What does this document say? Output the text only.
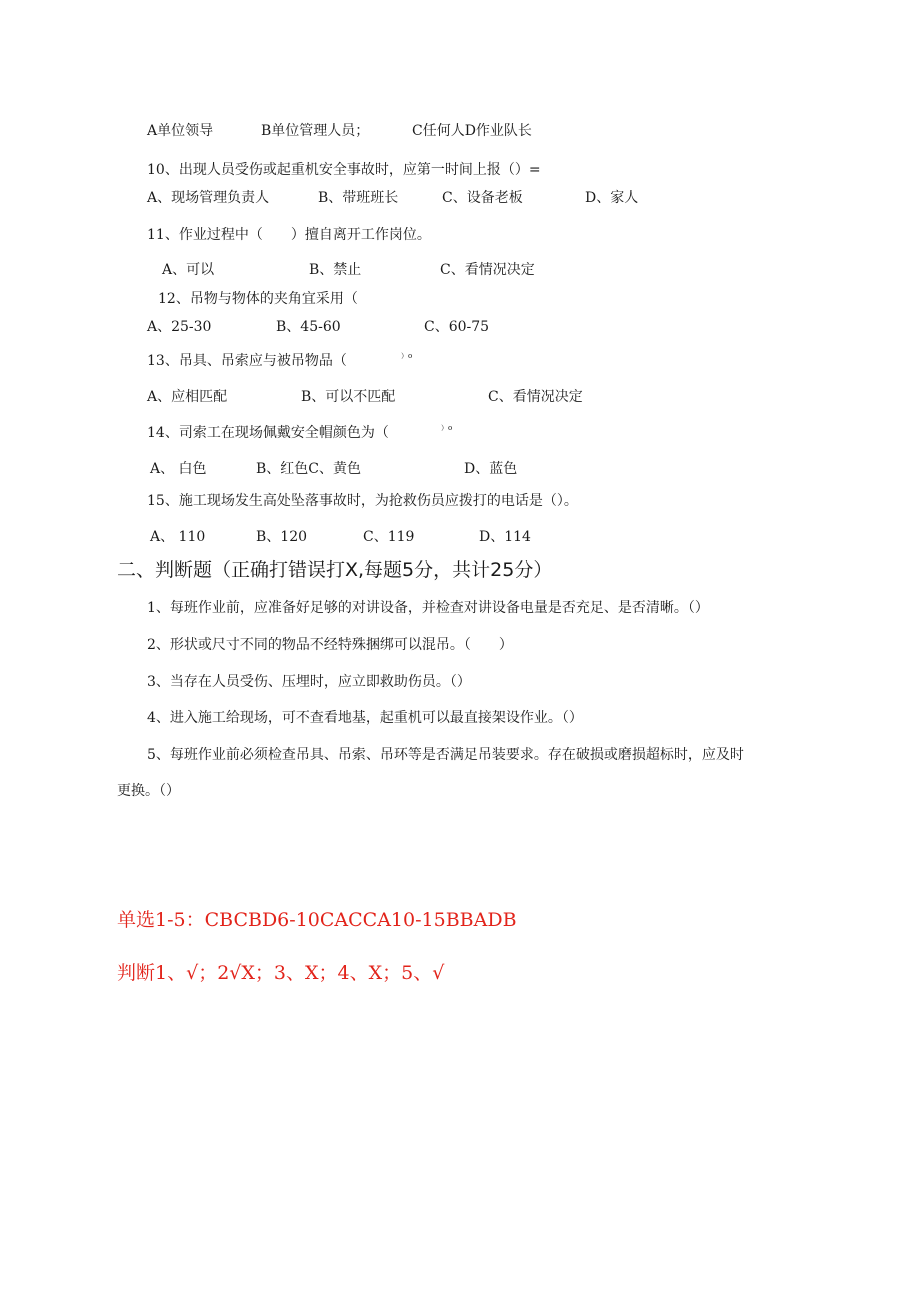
A单位领导	B单位管理人员；	C任何人D作业队长
10、出现人员受伤或起重机安全事故时，应第一时间上报（）=
A、现场管理负责人	B、带班班长	C、设备老板	D、家人
11、作业过程中（　　）擅自离开工作岗位。
A、可以	B、禁止	C、看情况决定
12、吊物与物体的夹角宜采用（
A、25-30	B、45-60	C、60-75
13、吊具、吊索应与被吊物品（	）o
A、应相匹配	B、可以不匹配	C、看情况决定
14、司索工在现场佩戴安全帽颜色为（	）o
A、 白色	B、红色C、黄色	D、蓝色
15、施工现场发生高处坠落事故时，为抢救伤员应拨打的电话是（）。
A、 110	B、120	C、119	D、114
二、判断题（正确打错误打X,每题5分，共计25分）
1、每班作业前，应准备好足够的对讲设备，并检查对讲设备电量是否充足、是否清晰。（）
2、形状或尺寸不同的物品不经特殊捆绑可以混吊。（　　）
3、当存在人员受伤、压埋时，应立即救助伤员。（）
4、进入施工给现场，可不查看地基，起重机可以最直接架设作业。（）
5、每班作业前必须检查吊具、吊索、吊环等是否满足吊装要求。存在破损或磨损超标时，应及时
更换。（）
单选1-5：CBCBD6-10CACCA10-15BBADB
判断1、√；2√X；3、X；4、X；5、√
